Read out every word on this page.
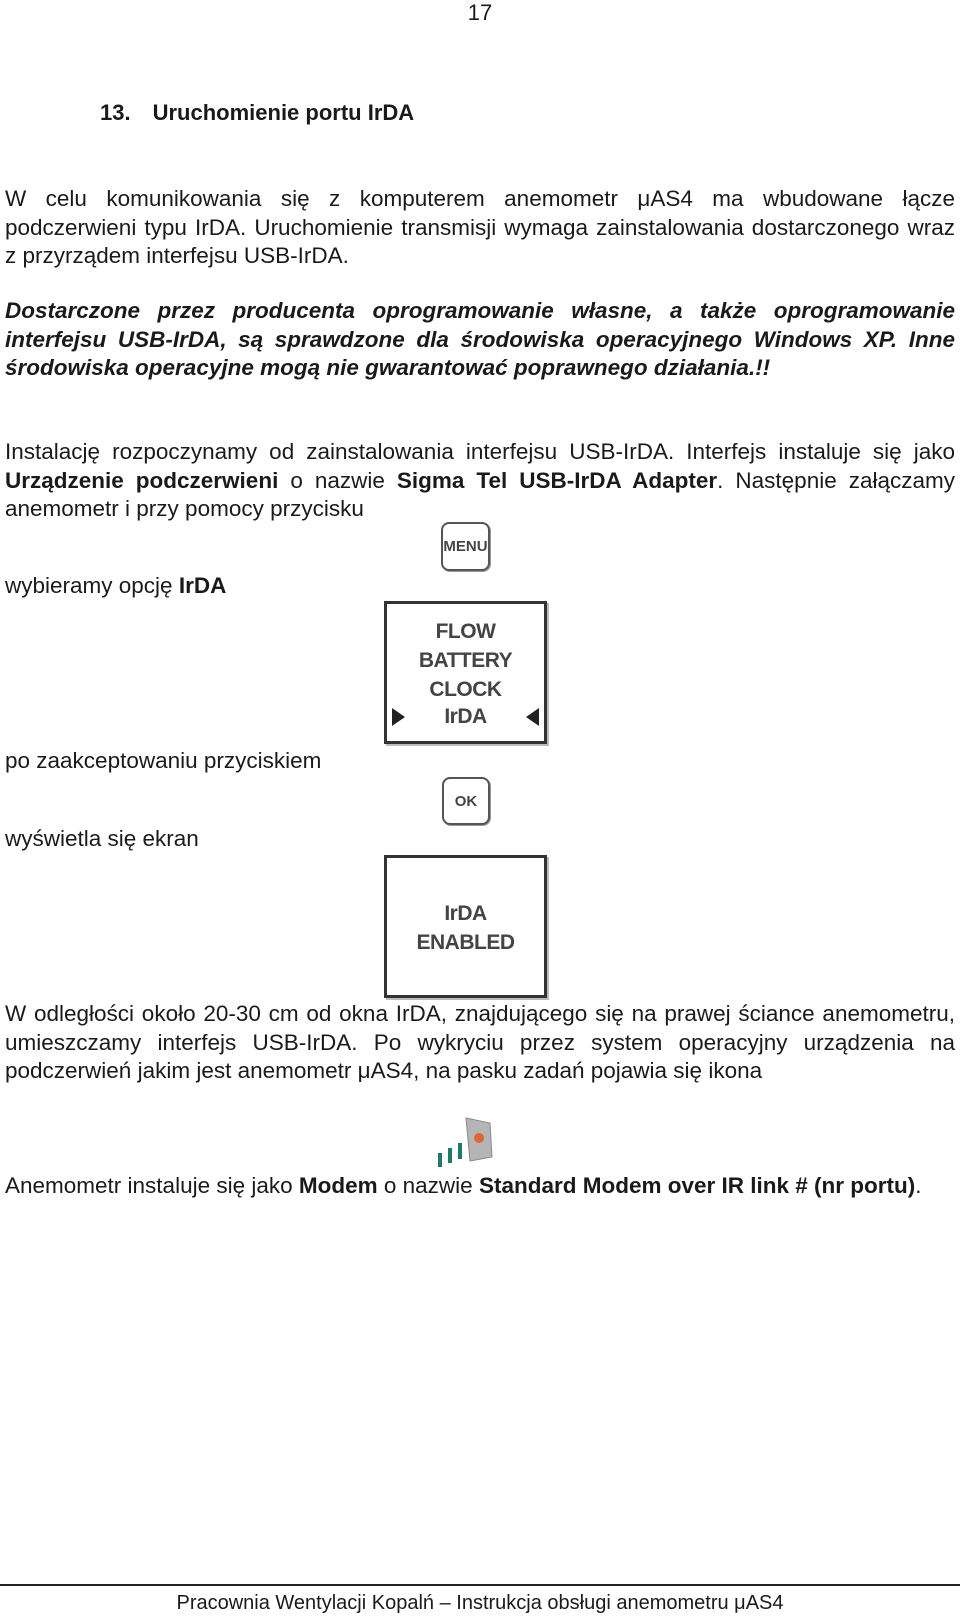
17
13. Uruchomienie portu IrDA

W celu komunikowania się z komputerem anemometr μAS4 ma wbudowane łącze podczerwieni typu IrDA. Uruchomienie transmisji wymaga zainstalowania dostarczonego wraz z przyrządem interfejsu USB-IrDA.

Dostarczone przez producenta oprogramowanie własne, a także oprogramowanie interfejsu USB-IrDA, są sprawdzone dla środowiska operacyjnego Windows XP. Inne środowiska operacyjne mogą nie gwarantować poprawnego działania.!!

Instalację rozpoczynamy od zainstalowania interfejsu USB-IrDA. Interfejs instaluje się jako Urządzenie podczerwieni o nazwie Sigma Tel USB-IrDA Adapter. Następnie załączamy anemometr i przy pomocy przycisku

MENU

wybieramy opcję IrDA

FLOW
BATTERY
CLOCK
IrDA

po zaakceptowaniu przyciskiem

OK

wyświetla się ekran

IrDA
ENABLED

W odległości około 20-30 cm od okna IrDA, znajdującego się na prawej ściance anemometru, umieszczamy interfejs USB-IrDA. Po wykryciu przez system operacyjny urządzenia na podczerwień jakim jest anemometr μAS4, na pasku zadań pojawia się ikona

Anemometr instaluje się jako Modem o nazwie Standard Modem over IR link # (nr portu).

Pracownia Wentylacji Kopalń – Instrukcja obsługi anemometru μAS4
